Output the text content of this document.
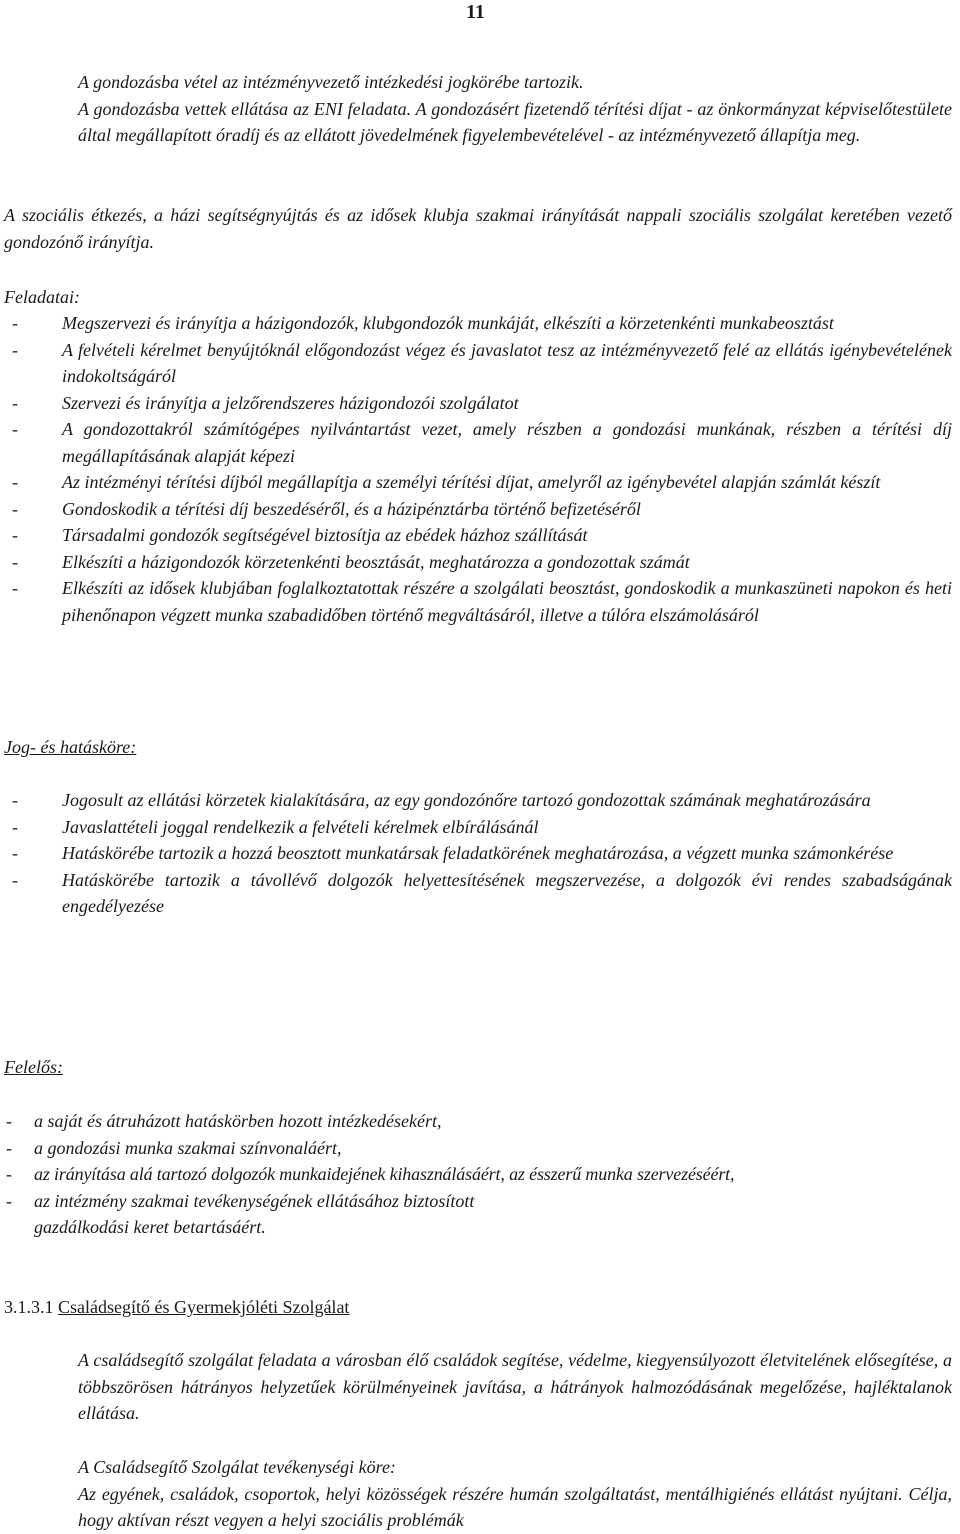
11

A gondozásba vétel az intézményvezető intézkedési jogkörébe tartozik.

A gondozásba vettek ellátása az ENI feladata. A gondozásért fizetendő térítési díjat - az önkormányzat képviselőtestülete által megállapított óradíj és az ellátott jövedelmének figyelembevételével - az intézményvezető állapítja meg.

A szociális étkezés, a házi segítségnyújtás és az idősek klubja szakmai irányítását nappali szociális szolgálat keretében vezető gondozónő irányítja.

Feladatai:

- Megszervezi és irányítja a házigondozók, klubgondozók munkáját, elkészíti a körzetenkénti munkabeosztást
- A felvételi kérelmet benyújtóknál előgondozást végez és javaslatot tesz az intézményvezető felé az ellátás igénybevételének indokoltságáról
- Szervezi és irányítja a jelzőrendszeres házigondozói szolgálatot
- A gondozottakról számítógépes nyilvántartást vezet, amely részben a gondozási munkának, részben a térítési díj megállapításának alapját képezi
- Az intézményi térítési díjból megállapítja a személyi térítési díjat, amelyről az igénybevétel alapján számlát készít
- Gondoskodik a térítési díj beszedéséről, és a házipénztárba történő befizetéséről
- Társadalmi gondozók segítségével biztosítja az ebédek házhoz szállítását
- Elkészíti a házigondozók körzetenkénti beosztását, meghatározza a gondozottak számát
- Elkészíti az idősek klubjában foglalkoztatottak részére a szolgálati beosztást, gondoskodik a munkaszüneti napokon és heti pihenőnapon végzett munka szabadidőben történő megváltásáról, illetve a túlóra elszámolásáról

Jog- és hatásköre:

- Jogosult az ellátási körzetek kialakítására, az egy gondozónőre tartozó gondozottak számának meghatározására
- Javaslattételi joggal rendelkezik a felvételi kérelmek elbírálásánál
- Hatáskörébe tartozik a hozzá beosztott munkatársak feladatkörének meghatározása, a végzett munka számonkérése
- Hatáskörébe tartozik a távollévő dolgozók helyettesítésének megszervezése, a dolgozók évi rendes szabadságának engedélyezése

Felelős:

- a saját és átruházott hatáskörben hozott intézkedésekért,
- a gondozási munka szakmai színvonaláért,
- az irányítása alá tartozó dolgozók munkaidejének kihasználásáért, az ésszerű munka szervezéséért,
- az intézmény szakmai tevékenységének ellátásához biztosított
gazdálkodási keret betartásáért.

3.1.3.1 Családsegítő és Gyermekjóléti Szolgálat

A családsegítő szolgálat feladata a városban élő családok segítése, védelme, kiegyensúlyozott életvitelének elősegítése, a többszörösen hátrányos helyzetűek körülményeinek javítása, a hátrányok halmozódásának megelőzése, hajléktalanok ellátása.

A Családsegítő Szolgálat tevékenységi köre:

Az egyének, családok, csoportok, helyi közösségek részére humán szolgáltatást, mentálhigiénés ellátást nyújtani. Célja, hogy aktívan részt vegyen a helyi szociális problémák
